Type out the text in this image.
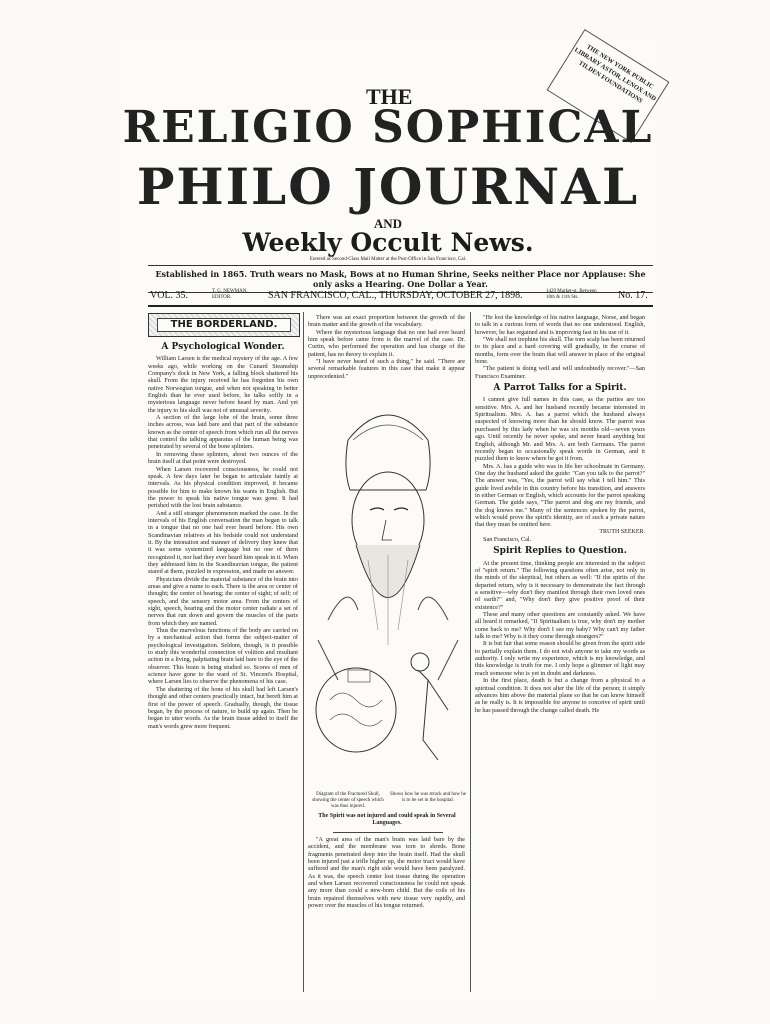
THE NEW YORK PUBLIC LIBRARY ASTOR, LENOX AND TILDEN FOUNDATIONS
THE
RELIGIO SOPHICAL
PHILO JOURNAL
AND
Weekly Occult News.
Entered as Second-Class Mail Matter at the Post-Office in San Francisco, Cal.
Established in 1865. Truth wears no Mask, Bows at no Human Shrine, Seeks neither Place nor Applause: She only asks a Hearing. One Dollar a Year.
VOL. 35.	T. G. NEWMAN, EDITOR.	SAN FRANCISCO, CAL., THURSDAY, OCTOBER 27, 1898.	1429 Market-st. Between 10th & 11th Sts.	No. 17.
THE BORDERLAND.
A Psychological Wonder.

William Larsen is the medical mystery of the age. A few weeks ago, while working on the Cunard Steamship Company's dock in New York, a falling block shattered his skull. From the injury received he has forgotten his own native Norwegian tongue, and when not speaking in better English than he ever used before, he talks softly in a mysterious language never before heard by man. And yet the injury to his skull was not of unusual severity.

A section of the large lobe of the brain, some three inches across, was laid bare and that part of the substance known as the center of speech from which run all the nerves that control the talking apparatus of the human being was penetrated by several of the bone splinters.

In removing these splinters, about two ounces of the brain itself at that point were destroyed.

When Larsen recovered consciousness, he could not speak. A few days later he began to articulate faintly at intervals. As his physical condition improved, it became possible for him to make known his wants in English. But the power to speak his native tongue was gone. It had perished with the lost brain substance.

And a still stranger phenomenon marked the case. In the intervals of his English conversation the man began to talk in a tongue that no one had ever heard before. His own Scandinavian relatives at his bedside could not understand it. By the intonation and manner of delivery they knew that it was some systemized language but no one of them recognized it, nor had they ever heard him speak in it. When they addressed him in the Scandinavian tongue, the patient stared at them, puzzled in expression, and made no answer.

Physicians divide the material substance of the brain into areas and give a name to each. There is the area or center of thought; the center of hearing; the center of sight; of self; of speech, and the sensory motor area. From the centers of sight, speech, hearing and the motor center radiate a set of nerves that run down and govern the muscles of the parts from which they are named.

Thus the marvelous functions of the body are carried on by a mechanical action that forms the subject-matter of psychological investigation. Seldom, though, is it possible to study this wonderful connection of volition and resultant action in a living, palpitating brain laid bare to the eye of the observer. This brain is being studied so. Scores of men of science have gone to the ward of St. Vincent's Hospital, where Larsen lies to observe the phenomena of his case.

The shattering of the bone of his skull had left Larsen's thought and other centers practically intact, but bereft him at first of the power of speech. Gradually, though, the tissue began, by the process of nature, to build up again. Then he began to utter words. As the brain tissue added to itself the man's words grew more frequent.

There was an exact proportion between the growth of the brain matter and the growth of the vocabulary.

Where the mysterious language that no one had ever heard him speak before came from is the marvel of the case. Dr. Curtin, who performed the operation and has charge of the patient, has no theory to explain it.

"I have never heard of such a thing," he said. "There are several remarkable features in this case that make it appear unprecedented."

Diagram of the Fractured Skull, showing the center of speech which was thus injured.
Shows how he was struck and how he is to be set in the hospital.
The Spirit was not injured and could speak in Several Languages.

"A great area of the man's brain was laid bare by the accident, and the membrane was torn to shreds. Bone fragments penetrated deep into the brain itself. Had the skull been injured just a trifle higher up, the motor tract would have suffered and the man's right side would have been paralyzed. As it was, the speech center lost tissue during the operation and when Larsen recovered consciousness he could not speak any more than could a new-born child. But the coils of his brain repaired themselves with new tissue very rapidly, and power over the muscles of his tongue returned.

"He lost the knowledge of his native language, Norse, and began to talk in a curious form of words that no one understood. English, however, he has regained and is improving fast in his use of it.

"We shall not trephine his skull. The torn scalp has been returned to its place and a hard covering will gradually, in the course of months, form over the brain that will answer in place of the original bone.

"The patient is doing well and will undoubtedly recover."—San Francisco Examiner.

A Parrot Talks for a Spirit.

I cannot give full names in this case, as the parties are too sensitive. Mrs. A. and her husband recently became interested in Spiritualism. Mrs. A. has a parrot which the husband always suspected of knowing more than he should know. The parrot was purchased by this lady when he was six months old—seven years ago. Until recently he never spoke, and never heard anything but English, although Mr. and Mrs. A. are both Germans. The parrot recently began to occasionally speak words in German, and it puzzled them to know where he got it from.

Mrs. A. has a guide who was in life her schoolmate in Germany. One day the husband asked the guide: "Can you talk to the parrot?" The answer was, "Yes, the parrot will say what I tell him." This guide lived awhile in this country before his transition, and answers in either German or English, which accounts for the parrot speaking German. The guide says, "The parrot and dog are my friends, and the dog knows me." Many of the sentences spoken by the parrot, which would prove the spirit's identity, are of such a private nature that they must be omitted here.

TRUTH SEEKER.

San Francisco, Cal.

Spirit Replies to Question.

At the present time, thinking people are interested in the subject of "spirit return." The following questions often arise, not only in the minds of the skeptical, but others as well: "If the spirits of the departed return, why is it necessary to demonstrate the fact through a sensitive—why don't they manifest through their own loved ones of earth?" and, "Why don't they give positive proof of their existence?"

These and many other questions are constantly asked. We have all heard it remarked, "If Spiritualism is true, why don't my mother come back to me? Why don't I see my baby? Why can't my father talk to me? Why is it they come through strangers?"

It is but fair that some reason should be given from the spirit side to partially explain them. I do not wish anyone to take my words as authority. I only write my experience, which is my knowledge, and this knowledge is truth for me. I only hope a glimmer of light may reach someone who is yet in doubt and darkness.

In the first place, death is but a change from a physical to a spiritual condition. It does not alter the life of the person; it simply advances him above the material plane so that he can know himself as he really is. It is impossible for anyone to conceive of spirit until he has passed through the change called death. He
